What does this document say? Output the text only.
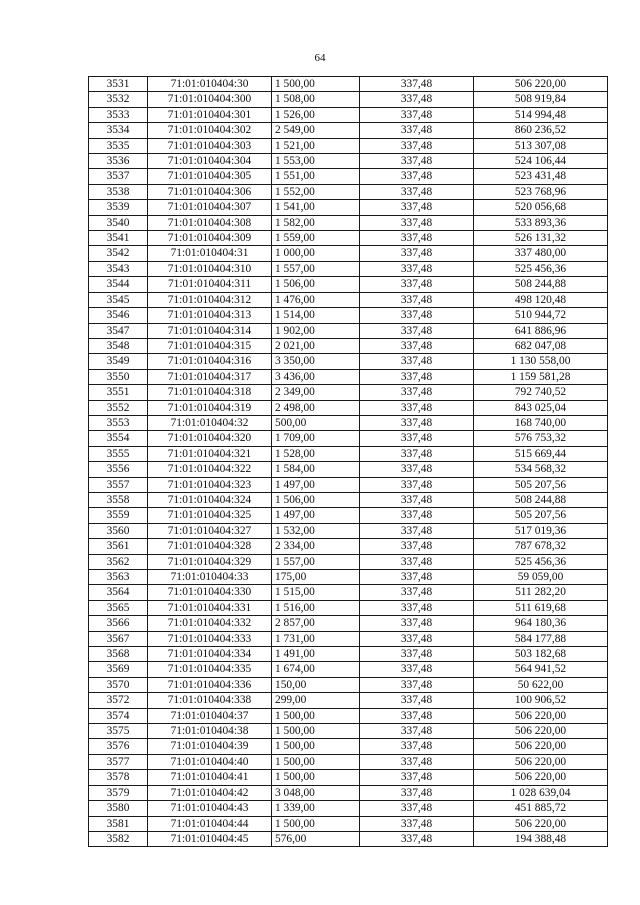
64
3531	71:01:010404:30	1 500,00	337,48	506 220,00
3532	71:01:010404:300	1 508,00	337,48	508 919,84
3533	71:01:010404:301	1 526,00	337,48	514 994,48
3534	71:01:010404:302	2 549,00	337,48	860 236,52
3535	71:01:010404:303	1 521,00	337,48	513 307,08
3536	71:01:010404:304	1 553,00	337,48	524 106,44
3537	71:01:010404:305	1 551,00	337,48	523 431,48
3538	71:01:010404:306	1 552,00	337,48	523 768,96
3539	71:01:010404:307	1 541,00	337,48	520 056,68
3540	71:01:010404:308	1 582,00	337,48	533 893,36
3541	71:01:010404:309	1 559,00	337,48	526 131,32
3542	71:01:010404:31	1 000,00	337,48	337 480,00
3543	71:01:010404:310	1 557,00	337,48	525 456,36
3544	71:01:010404:311	1 506,00	337,48	508 244,88
3545	71:01:010404:312	1 476,00	337,48	498 120,48
3546	71:01:010404:313	1 514,00	337,48	510 944,72
3547	71:01:010404:314	1 902,00	337,48	641 886,96
3548	71:01:010404:315	2 021,00	337,48	682 047,08
3549	71:01:010404:316	3 350,00	337,48	1 130 558,00
3550	71:01:010404:317	3 436,00	337,48	1 159 581,28
3551	71:01:010404:318	2 349,00	337,48	792 740,52
3552	71:01:010404:319	2 498,00	337,48	843 025,04
3553	71:01:010404:32	500,00	337,48	168 740,00
3554	71:01:010404:320	1 709,00	337,48	576 753,32
3555	71:01:010404:321	1 528,00	337,48	515 669,44
3556	71:01:010404:322	1 584,00	337,48	534 568,32
3557	71:01:010404:323	1 497,00	337,48	505 207,56
3558	71:01:010404:324	1 506,00	337,48	508 244,88
3559	71:01:010404:325	1 497,00	337,48	505 207,56
3560	71:01:010404:327	1 532,00	337,48	517 019,36
3561	71:01:010404:328	2 334,00	337,48	787 678,32
3562	71:01:010404:329	1 557,00	337,48	525 456,36
3563	71:01:010404:33	175,00	337,48	59 059,00
3564	71:01:010404:330	1 515,00	337,48	511 282,20
3565	71:01:010404:331	1 516,00	337,48	511 619,68
3566	71:01:010404:332	2 857,00	337,48	964 180,36
3567	71:01:010404:333	1 731,00	337,48	584 177,88
3568	71:01:010404:334	1 491,00	337,48	503 182,68
3569	71:01:010404:335	1 674,00	337,48	564 941,52
3570	71:01:010404:336	150,00	337,48	50 622,00
3572	71:01:010404:338	299,00	337,48	100 906,52
3574	71:01:010404:37	1 500,00	337,48	506 220,00
3575	71:01:010404:38	1 500,00	337,48	506 220,00
3576	71:01:010404:39	1 500,00	337,48	506 220,00
3577	71:01:010404:40	1 500,00	337,48	506 220,00
3578	71:01:010404:41	1 500,00	337,48	506 220,00
3579	71:01:010404:42	3 048,00	337,48	1 028 639,04
3580	71:01:010404:43	1 339,00	337,48	451 885,72
3581	71:01:010404:44	1 500,00	337,48	506 220,00
3582	71:01:010404:45	576,00	337,48	194 388,48
